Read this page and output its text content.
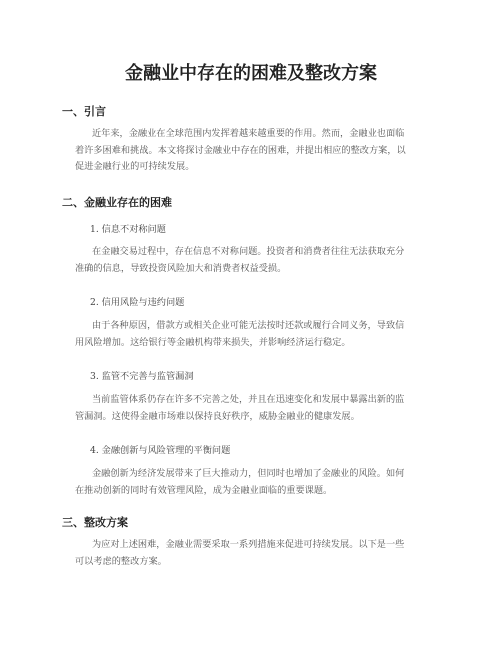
金融业中存在的困难及整改方案
一、引言
近年来，金融业在全球范围内发挥着越来越重要的作用。然而，金融业也面临
着许多困难和挑战。本文将探讨金融业中存在的困难，并提出相应的整改方案，以
促进金融行业的可持续发展。
二、金融业存在的困难
1. 信息不对称问题
在金融交易过程中，存在信息不对称问题。投资者和消费者往往无法获取充分
准确的信息，导致投资风险加大和消费者权益受损。
2. 信用风险与违约问题
由于各种原因，借款方或相关企业可能无法按时还款或履行合同义务，导致信
用风险增加。这给银行等金融机构带来损失，并影响经济运行稳定。
3. 监管不完善与监管漏洞
当前监管体系仍存在许多不完善之处，并且在迅速变化和发展中暴露出新的监
管漏洞。这使得金融市场难以保持良好秩序，威胁金融业的健康发展。
4. 金融创新与风险管理的平衡问题
金融创新为经济发展带来了巨大推动力，但同时也增加了金融业的风险。如何
在推动创新的同时有效管理风险，成为金融业面临的重要课题。
三、整改方案
为应对上述困难，金融业需要采取一系列措施来促进可持续发展。以下是一些
可以考虑的整改方案。
